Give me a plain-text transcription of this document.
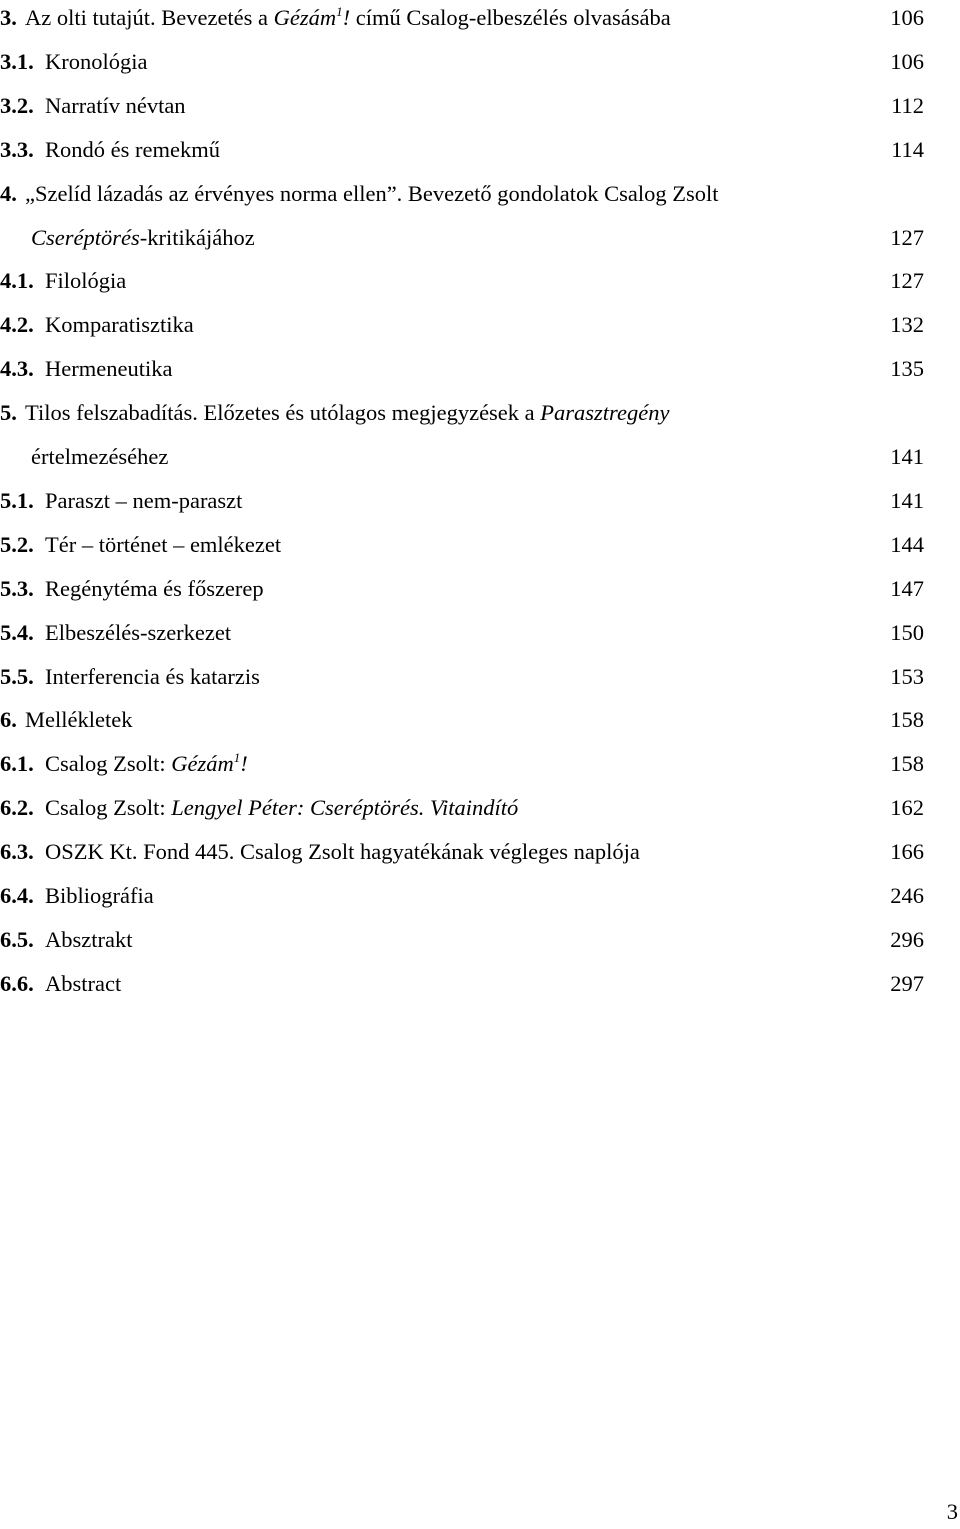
3. Az olti tutajút. Bevezetés a Gézám$^1$! című Csalog-elbeszélés olvasásába	106
3.1. Kronológia	106
3.2. Narratív névtan	112
3.3. Rondó és remekmű	114
4. „Szelíd lázadás az érvényes norma ellen”. Bevezető gondolatok Csalog Zsolt
Cseréptörés-kritikájához	127
4.1. Filológia	127
4.2. Komparatisztika	132
4.3. Hermeneutika	135
5. Tilos felszabadítás. Előzetes és utólagos megjegyzések a Parasztregény
értelmezéséhez	141
5.1. Paraszt – nem-paraszt	141
5.2. Tér – történet – emlékezet	144
5.3. Regénytéma és főszerep	147
5.4. Elbeszélés-szerkezet	150
5.5. Interferencia és katarzis	153
6. Mellékletek	158
6.1. Csalog Zsolt: Gézám$^1$!	158
6.2. Csalog Zsolt: Lengyel Péter: Cseréptörés. Vitaindító	162
6.3. OSZK Kt. Fond 445. Csalog Zsolt hagyatékának végleges naplója	166
6.4. Bibliográfia	246
6.5. Absztrakt	296
6.6. Abstract	297
3
